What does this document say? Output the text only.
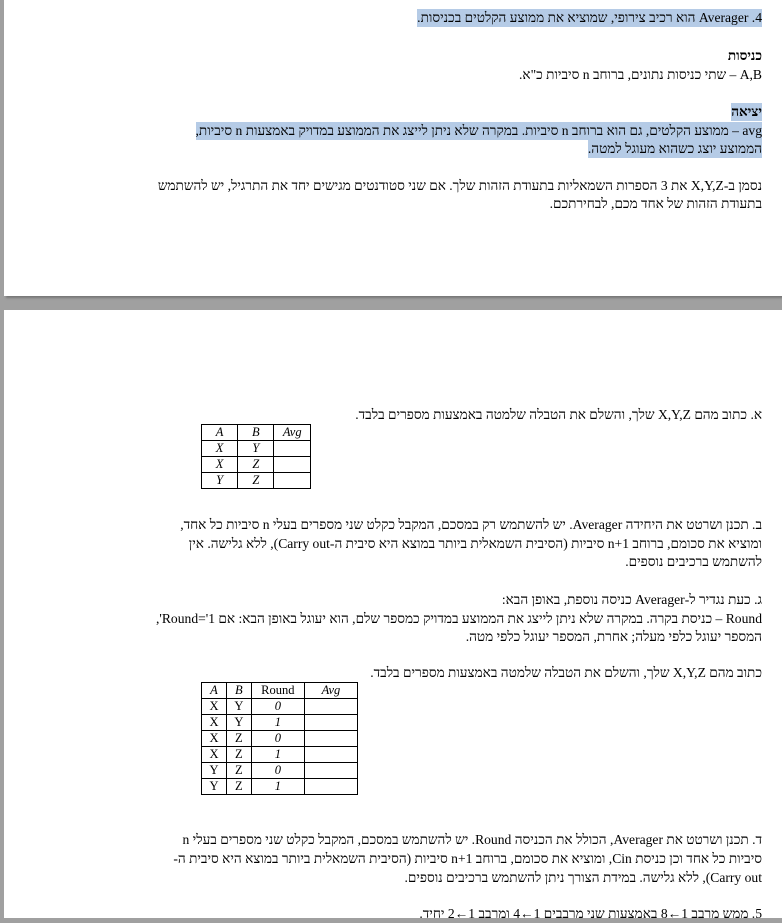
4. Averager הוא רכיב צירופי, שמוציא את ממוצע הקלטים בכניסות.
כניסות
A,B – שתי כניסות נתונים, ברוחב n סיביות כ"א.
יציאה
avg – ממוצע הקלטים, גם הוא ברוחב n סיביות. במקרה שלא ניתן לייצג את הממוצע במדויק באמצעות n סיביות,
הממוצע יוצג כשהוא מעוגל למטה.
נסמן ב-X,Y,Z את 3 הספרות השמאליות בתעודת הזהות שלך. אם שני סטודנטים מגישים יחד את התרגיל, יש להשתמש
בתעודת הזהות של אחד מכם, לבחירתכם.
א. כתוב מהם X,Y,Z שלך, והשלם את הטבלה שלמטה באמצעות מספרים בלבד.
A	B	Avg
X	Y	
X	Z	
Y	Z	
ב. תכנן ושרטט את היחידה Averager. יש להשתמש רק במסכם, המקבל כקלט שני מספרים בעלי n סיביות כל אחד,
ומוציא את סכומם, ברוחב n+1 סיביות (הסיבית השמאלית ביותר במוצא היא סיבית ה-Carry out), ללא גלישה. אין
להשתמש ברכיבים נוספים.
ג. כעת נגדיר ל-Averager כניסה נוספת, באופן הבא:
Round – כניסת בקרה. במקרה שלא ניתן לייצג את הממוצע במדויק כמספר שלם, הוא יעוגל באופן הבא: אם Round='1',
המספר יעוגל כלפי מעלה; אחרת, המספר יעוגל כלפי מטה.
כתוב מהם X,Y,Z שלך, והשלם את הטבלה שלמטה באמצעות מספרים בלבד.
A	B	Round	Avg
X	Y	0	
X	Y	1	
X	Z	0	
X	Z	1	
Y	Z	0	
Y	Z	1	
ד. תכנן ושרטט את Averager, הכולל את הכניסה Round. יש להשתמש במסכם, המקבל כקלט שני מספרים בעלי n
סיביות כל אחד וכן כניסת Cin, ומוציא את סכומם, ברוחב n+1 סיביות (הסיבית השמאלית ביותר במוצא היא סיבית ה-
Carry out), ללא גלישה. במידת הצורך ניתן להשתמש ברכיבים נוספים.
5. ממש מרבב 1←8 באמצעות שני מרבבים 1←4 ומרבב 1←2 יחיד.
